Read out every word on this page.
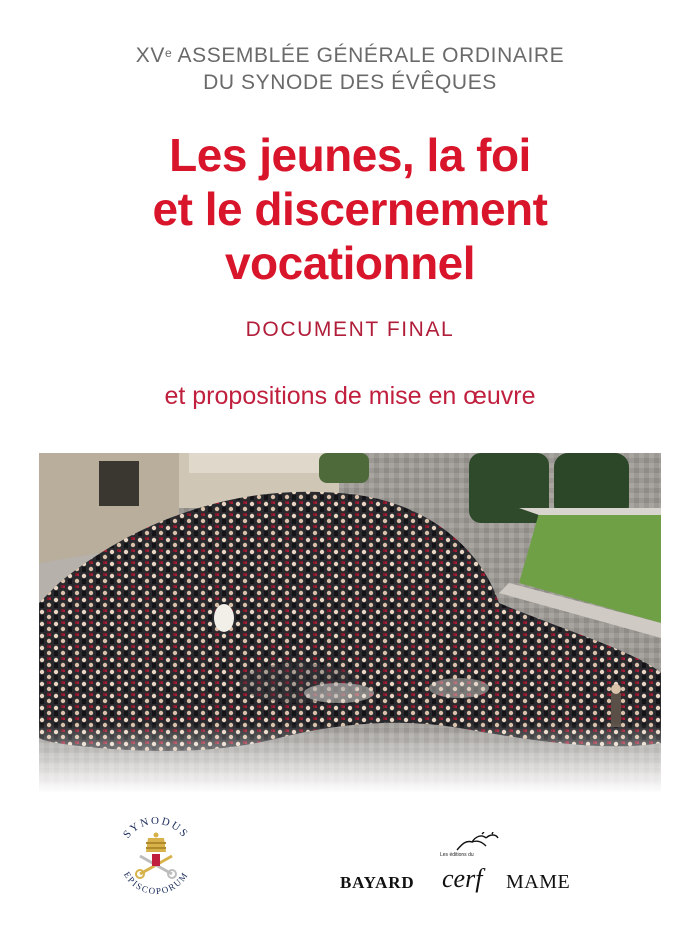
XVe ASSEMBLÉE GÉNÉRALE ORDINAIRE
DU SYNODE DES ÉVÊQUES
Les jeunes, la foi
et le discernement
vocationnel
DOCUMENT FINAL
et propositions de mise en œuvre
SYNODUS
EPISCOPORUM	BAYARD
Les éditions du
cerf MAME
